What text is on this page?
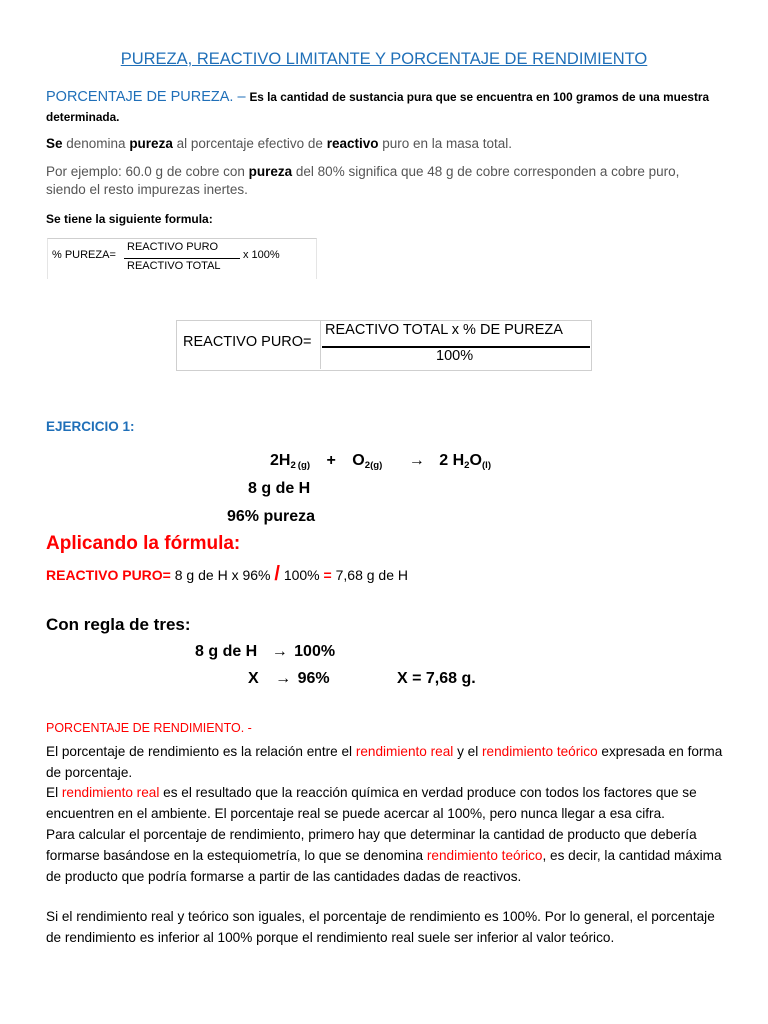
PUREZA, REACTIVO LIMITANTE Y PORCENTAJE DE RENDIMIENTO
PORCENTAJE DE PUREZA. – Es la cantidad de sustancia pura que se encuentra en 100 gramos de una muestra
determinada.
Se denomina pureza al porcentaje efectivo de reactivo puro en la masa total.
Por ejemplo: 60.0 g de cobre con pureza del 80% significa que 48 g de cobre corresponden a cobre puro,
siendo el resto impurezas inertes.
Se tiene la siguiente formula:
% PUREZA=
REACTIVO PURO
REACTIVO TOTAL
x 100%
REACTIVO PURO=
REACTIVO TOTAL x % DE PUREZA
100%
EJERCICIO 1:
$2H_2$ $_{(g)} + O_{2(g)} \to 2$ $H_2O_{(l)}$
8 g de H
96% pureza
Aplicando la fórmula:
REACTIVO PURO= 8 g de H x 96% / 100% = 7,68 g de H
Con regla de tres:
8 g de H → 100%
X → 96%	X = 7,68 g.
PORCENTAJE DE RENDIMIENTO. -
El porcentaje de rendimiento es la relación entre el rendimiento real y el rendimiento teórico expresada en forma de porcentaje.
El rendimiento real es el resultado que la reacción química en verdad produce con todos los factores que se encuentren en el ambiente. El porcentaje real se puede acercar al 100%, pero nunca llegar a esa cifra.
Para calcular el porcentaje de rendimiento, primero hay que determinar la cantidad de producto que debería formarse basándose en la estequiometría, lo que se denomina rendimiento teórico, es decir, la cantidad máxima de producto que podría formarse a partir de las cantidades dadas de reactivos.
Si el rendimiento real y teórico son iguales, el porcentaje de rendimiento es 100%. Por lo general, el porcentaje de rendimiento es inferior al 100% porque el rendimiento real suele ser inferior al valor teórico.
